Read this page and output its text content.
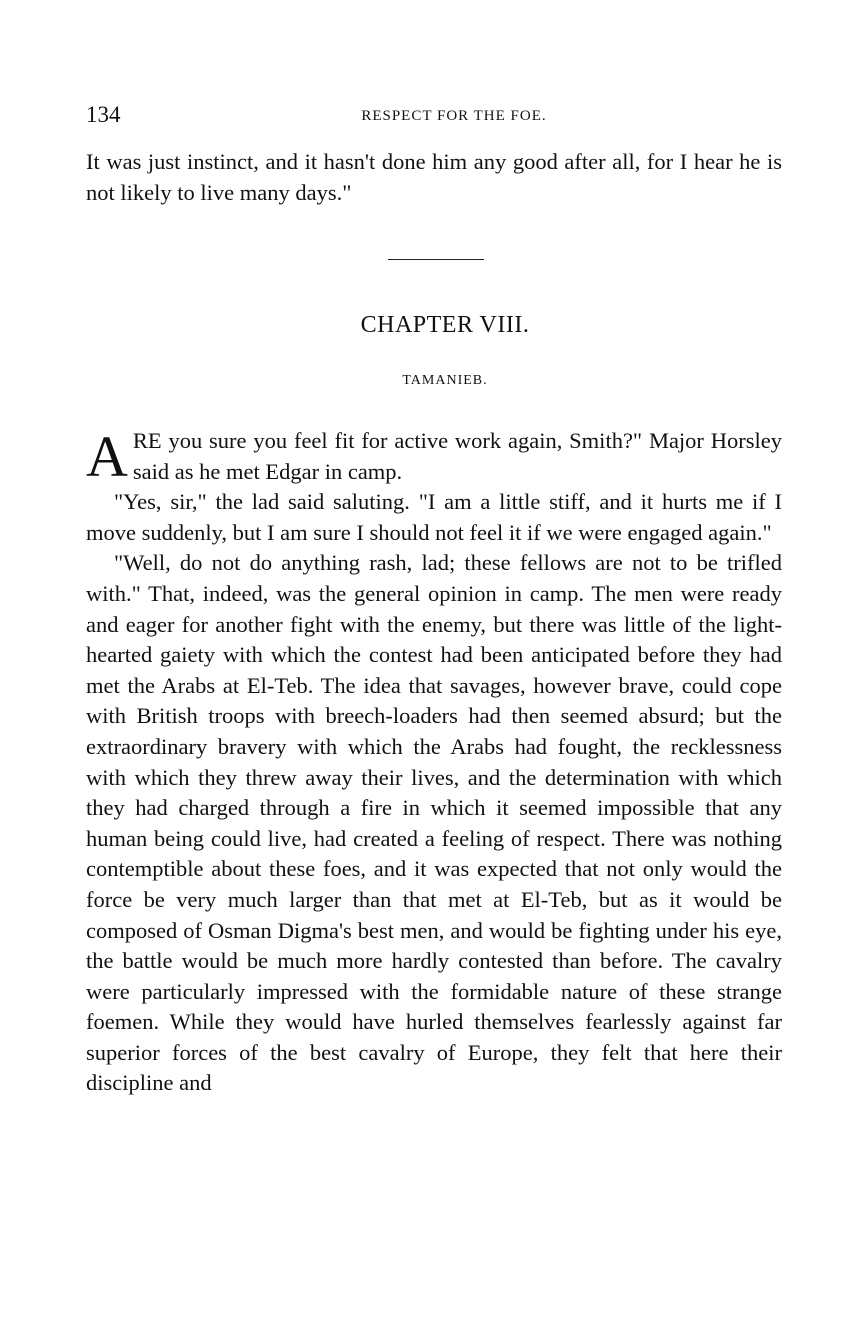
134	RESPECT FOR THE FOE.

It was just instinct, and it hasn't done him any good after all, for I hear he is not likely to live many days."

CHAPTER VIII.
TAMANIEB.

A RE you sure you feel fit for active work again, Smith?" Major Horsley said as he met Edgar in camp.

"Yes, sir," the lad said saluting. "I am a little stiff, and it hurts me if I move suddenly, but I am sure I should not feel it if we were engaged again."

"Well, do not do anything rash, lad; these fellows are not to be trifled with." That, indeed, was the general opinion in camp. The men were ready and eager for another fight with the enemy, but there was little of the light-hearted gaiety with which the contest had been anticipated before they had met the Arabs at El-Teb. The idea that savages, however brave, could cope with British troops with breech-loaders had then seemed absurd; but the extraordinary bravery with which the Arabs had fought, the recklessness with which they threw away their lives, and the determination with which they had charged through a fire in which it seemed impossible that any human being could live, had created a feeling of respect. There was nothing contemptible about these foes, and it was expected that not only would the force be very much larger than that met at El-Teb, but as it would be composed of Osman Digma's best men, and would be fighting under his eye, the battle would be much more hardly contested than before. The cavalry were particularly impressed with the formidable nature of these strange foemen. While they would have hurled themselves fearlessly against far superior forces of the best cavalry of Europe, they felt that here their discipline and
